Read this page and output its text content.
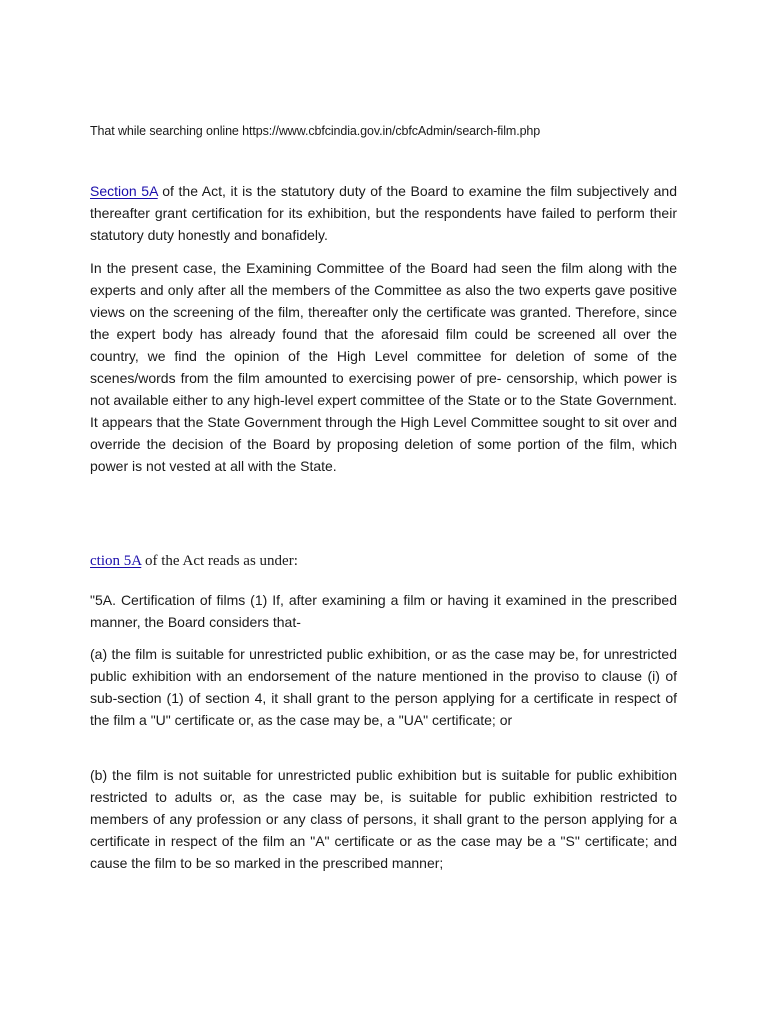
That while searching online https://www.cbfcindia.gov.in/cbfcAdmin/search-film.php

Section 5A of the Act, it is the statutory duty of the Board to examine the film subjectively and thereafter grant certification for its exhibition, but the respondents have failed to perform their statutory duty honestly and bonafidely.

In the present case, the Examining Committee of the Board had seen the film along with the experts and only after all the members of the Committee as also the two experts gave positive views on the screening of the film, thereafter only the certificate was granted. Therefore, since the expert body has already found that the aforesaid film could be screened all over the country, we find the opinion of the High Level committee for deletion of some of the scenes/words from the film amounted to exercising power of pre- censorship, which power is not available either to any high-level expert committee of the State or to the State Government. It appears that the State Government through the High Level Committee sought to sit over and override the decision of the Board by proposing deletion of some portion of the film, which power is not vested at all with the State.

ction 5A of the Act reads as under:

"5A. Certification of films (1) If, after examining a film or having it examined in the prescribed manner, the Board considers that-

(a) the film is suitable for unrestricted public exhibition, or as the case may be, for unrestricted public exhibition with an endorsement of the nature mentioned in the proviso to clause (i) of sub-section (1) of section 4, it shall grant to the person applying for a certificate in respect of the film a "U" certificate or, as the case may be, a "UA" certificate; or

(b) the film is not suitable for unrestricted public exhibition but is suitable for public exhibition restricted to adults or, as the case may be, is suitable for public exhibition restricted to members of any profession or any class of persons, it shall grant to the person applying for a certificate in respect of the film an "A" certificate or as the case may be a "S" certificate; and cause the film to be so marked in the prescribed manner;
